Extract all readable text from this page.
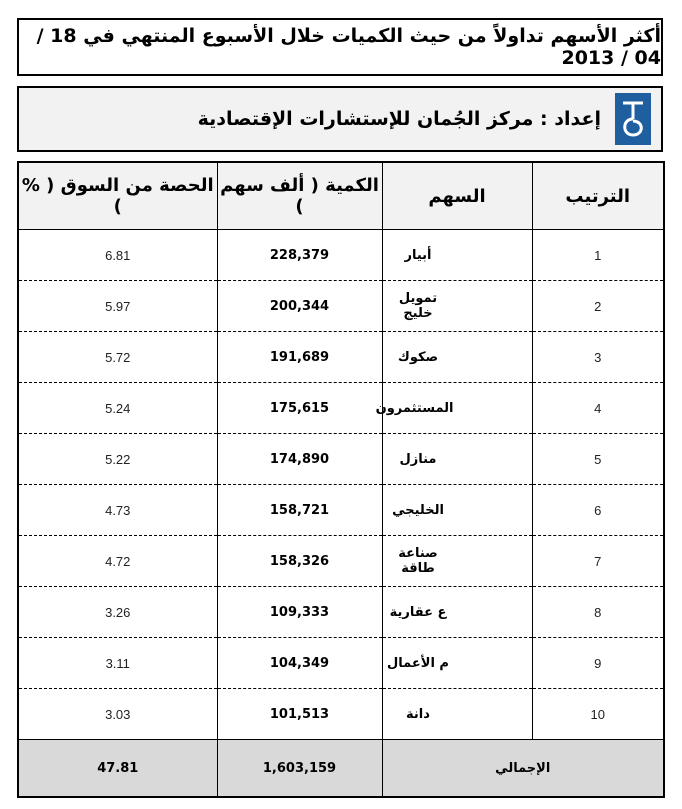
أكثر الأسهم تداولاً من حيث الكميات خلال الأسبوع المنتهي في 18 / 04 / 2013
إعداد : مركز الجُمان للإستشارات الإقتصادية
الترتيب	السهم	الكمية ( ألف سهم )	الحصة من السوق ( % )
1	أبيار	228,379	6.81
2	تمويل خليج	200,344	5.97
3	صكوك	191,689	5.72
4	المستثمرون	175,615	5.24
5	منازل	174,890	5.22
6	الخليجي	158,721	4.73
7	صناعة طاقة	158,326	4.72
8	ع عقارية	109,333	3.26
9	م الأعمال	104,349	3.11
10	دانة	101,513	3.03
الإجمالي		1,603,159	47.81
